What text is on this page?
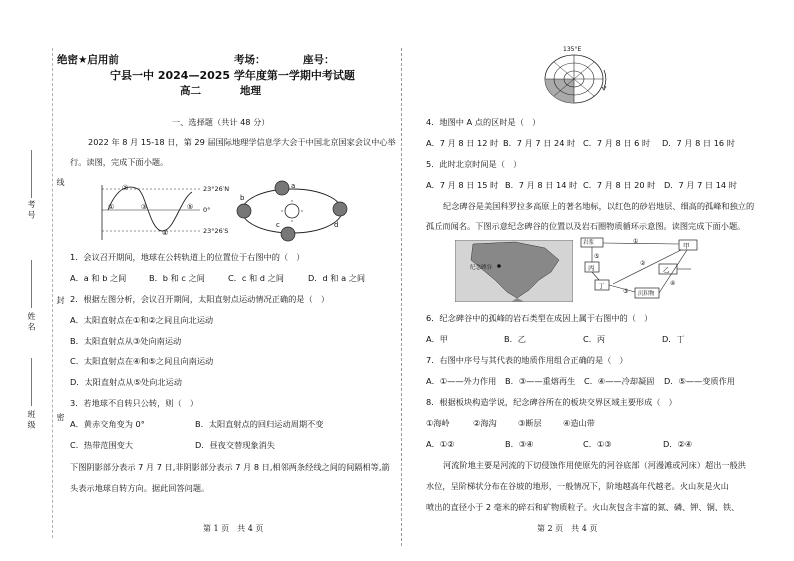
考 号
姓 名
班 级
线
封
密
绝密★启用前	考场：	座号：
宁县一中 2024—2025 学年度第一学期中考试题
高二	地理
一、选择题（共计 48 分）
2022 年 8 月 15-18 日，第 29 届国际地理学信息学大会于中国北京国家会议中心举
行。读图，完成下面小题。
②
①	③
④
⑤
23°26′N
0°
23°26′S
a
b
c	d
1．会议召开期间，地球在公转轨道上的位置位于右图中的（　）
A．a 和 b 之间	B．b 和 c 之间	C．c 和 d 之间	D．d 和 a 之间
2．根据左图分析，会议召开期间，太阳直射点运动情况正确的是（　）
A．太阳直射点在①和②之间且向北运动
B．太阳直射点从③处向南运动
C．太阳直射点在④和⑤之间且向南运动
D．太阳直射点从⑤处向北运动
3．若地球不自转只公转，则（　）
A．黄赤交角变为 0°	B．太阳直射点的回归运动周期不变
C．热带范围变大	D．昼夜交替现象消失
下图阴影部分表示 7 月 7 日,非阴影部分表示 7 月 8 日,相邻两条经线之间的间隔相等,箭
头表示地球自转方向。据此回答问题。
第 1 页　共 4 页
135°E
4．地图中 A 点的区时是（　）
A．7 月 8 日 12 时 B．7 月 7 日 24 时 C．7 月 8 日 6 时 D．7 月 8 日 16 时
5．此时北京时间是（　）
A．7 月 8 日 15 时 B．7 月 8 日 14 时 C．7 月 8 日 20 时 D．7 月 7 日 14 时
纪念碑谷是美国科罗拉多高原上的著名地标，以红色的砂岩地层、细高的孤峰和独立的
孤丘而闻名。下图示意纪念碑谷的位置以及岩石圈物质循环示意图。读图完成下面小题。
纪念碑谷
岩浆	甲
乙
丙
丁
沉积物
①
②
③
④
⑤
6．纪念碑谷中的孤峰的岩石类型在成因上属于右图中的（　）
A．甲	B．乙	C．丙	D．丁
7．右图中序号与其代表的地质作用组合正确的是（　）
A．①——外力作用 B．③——重熔再生 C．④——冷却凝固 D．⑤——变质作用
8．根据板块构造学说，纪念碑谷所在的板块交界区域主要形成（　）
①海岭	②海沟	③断层	④造山带
A．①②	B．③④	C．①③	D．②④
河流阶地主要是河流的下切侵蚀作用使原先的河谷底部（河漫滩或河床）超出一般洪
水位，呈阶梯状分布在谷坡的地形，一般情况下，阶地越高年代越老。火山灰是火山
喷出的直径小于 2 毫米的碎石和矿物质粒子。火山灰包含丰富的氮、磷、钾、铜、铁、
第 2 页　共 4 页
